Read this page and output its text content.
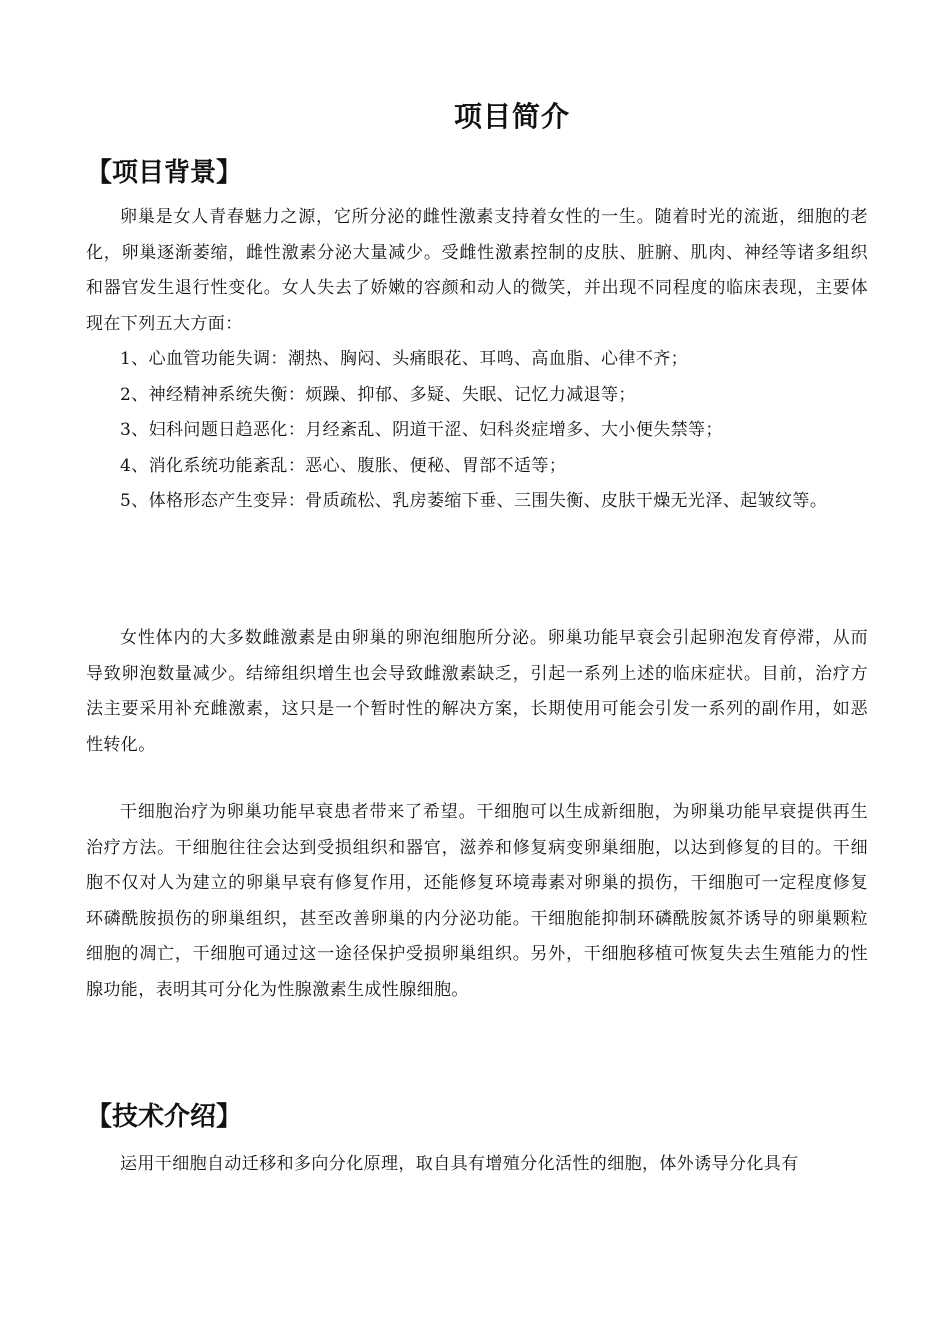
项目简介
【项目背景】

卵巢是女人青春魅力之源，它所分泌的雌性激素支持着女性的一生。随着时光的流逝，细胞的老化，卵巢逐渐萎缩，雌性激素分泌大量减少。受雌性激素控制的皮肤、脏腑、肌肉、神经等诸多组织和器官发生退行性变化。女人失去了娇嫩的容颜和动人的微笑，并出现不同程度的临床表现，主要体现在下列五大方面：

1、心血管功能失调：潮热、胸闷、头痛眼花、耳鸣、高血脂、心律不齐；
2、神经精神系统失衡：烦躁、抑郁、多疑、失眠、记忆力减退等；
3、妇科问题日趋恶化：月经紊乱、阴道干涩、妇科炎症增多、大小便失禁等；
4、消化系统功能紊乱：恶心、腹胀、便秘、胃部不适等；
5、体格形态产生变异：骨质疏松、乳房萎缩下垂、三围失衡、皮肤干燥无光泽、起皱纹等。

女性体内的大多数雌激素是由卵巢的卵泡细胞所分泌。卵巢功能早衰会引起卵泡发育停滞，从而导致卵泡数量减少。结缔组织增生也会导致雌激素缺乏，引起一系列上述的临床症状。目前，治疗方法主要采用补充雌激素，这只是一个暂时性的解决方案，长期使用可能会引发一系列的副作用，如恶性转化。

干细胞治疗为卵巢功能早衰患者带来了希望。干细胞可以生成新细胞，为卵巢功能早衰提供再生治疗方法。干细胞往往会达到受损组织和器官，滋养和修复病变卵巢细胞，以达到修复的目的。干细胞不仅对人为建立的卵巢早衰有修复作用，还能修复环境毒素对卵巢的损伤，干细胞可一定程度修复环磷酰胺损伤的卵巢组织，甚至改善卵巢的内分泌功能。干细胞能抑制环磷酰胺氮芥诱导的卵巢颗粒细胞的凋亡，干细胞可通过这一途径保护受损卵巢组织。另外，干细胞移植可恢复失去生殖能力的性腺功能，表明其可分化为性腺激素生成性腺细胞。

【技术介绍】

运用干细胞自动迁移和多向分化原理，取自具有增殖分化活性的细胞，体外诱导分化具有
